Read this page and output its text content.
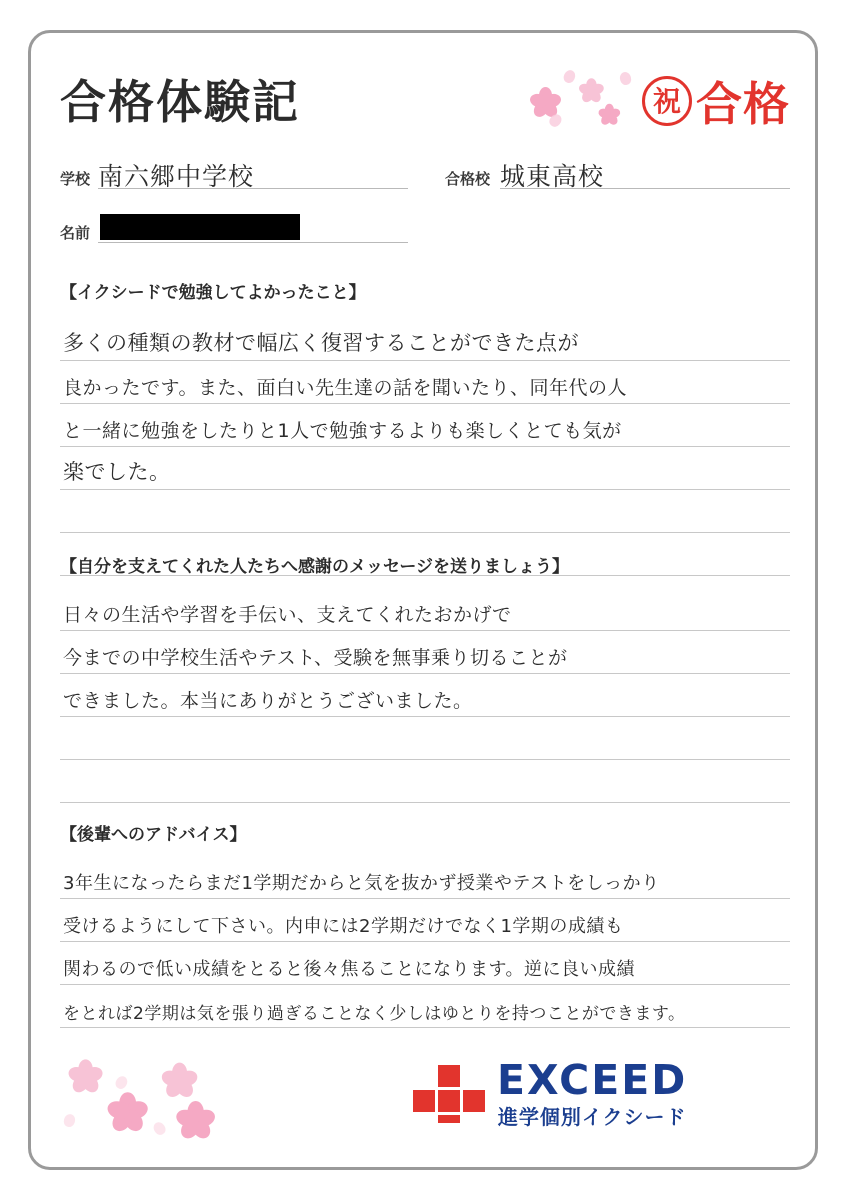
合格体験記	祝 合格
学校 南六郷中学校	合格校 城東高校
名前
【イクシードで勉強してよかったこと】
多くの種類の教材で幅広く復習することができた点が
良かったです。また、面白い先生達の話を聞いたり、同年代の人
と一緒に勉強をしたりと1人で勉強するよりも楽しくとても気が
楽でした。
【自分を支えてくれた人たちへ感謝のメッセージを送りましょう】
日々の生活や学習を手伝い、支えてくれたおかげで
今までの中学校生活やテスト、受験を無事乗り切ることが
できました。本当にありがとうございました。
【後輩へのアドバイス】
3年生になったらまだ1学期だからと気を抜かず授業やテストをしっかり
受けるようにして下さい。内申には2学期だけでなく1学期の成績も
関わるので低い成績をとると後々焦ることになります。逆に良い成績
をとれば2学期は気を張り過ぎることなく少しはゆとりを持つことができます。
EXCEED
進学個別イクシード
